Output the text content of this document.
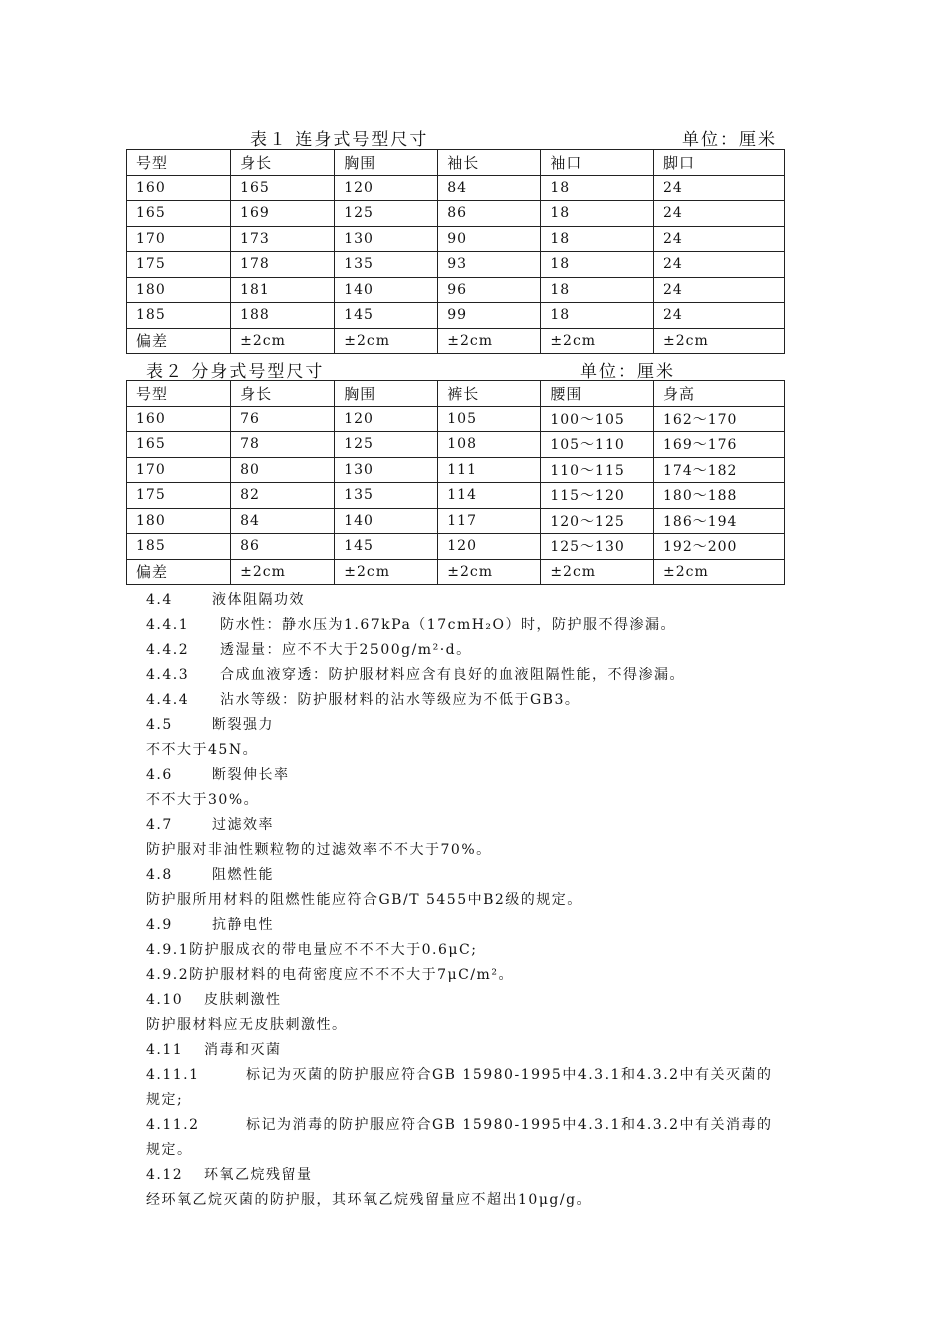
表１ 连身式号型尺寸	单位：厘米
号型	身长	胸围	袖长	袖口	脚口
160	165	120	84	18	24
165	169	125	86	18	24
170	173	130	90	18	24
175	178	135	93	18	24
180	181	140	96	18	24
185	188	145	99	18	24
偏差	±2cm	±2cm	±2cm	±2cm	±2cm
表２ 分身式号型尺寸	单位：厘米
号型	身长	胸围	裤长	腰围	身高
160	76	120	105	100～105	162～170
165	78	125	108	105～110	169～176
170	80	130	111	110～115	174～182
175	82	135	114	115～120	180～188
180	84	140	117	120～125	186～194
185	86	145	120	125～130	192～200
偏差	±2cm	±2cm	±2cm	±2cm	±2cm
4.4	液体阻隔功效
4.4.1 防水性：静水压为1.67kPa（17cmH₂O）时，防护服不得渗漏。
4.4.2 透湿量：应不不大于2500g/m²·d。
4.4.3 合成血液穿透：防护服材料应含有良好的血液阻隔性能，不得渗漏。
4.4.4 沾水等级：防护服材料的沾水等级应为不低于GB3。
4.5	断裂强力
不不大于45N。
4.6	断裂伸长率
不不大于30%。
4.7	过滤效率
防护服对非油性颗粒物的过滤效率不不大于70%。
4.8	阻燃性能
防护服所用材料的阻燃性能应符合GB/T 5455中B2级的规定。
4.9	抗静电性
4.9.1防护服成衣的带电量应不不不大于0.6μC;
4.9.2防护服材料的电荷密度应不不不大于7μC/m²。
4.10 皮肤刺激性
防护服材料应无皮肤刺激性。
4.11 消毒和灭菌
4.11.1	标记为灭菌的防护服应符合GB 15980-1995中4.3.1和4.3.2中有关灭菌的
规定;
4.11.2	标记为消毒的防护服应符合GB 15980-1995中4.3.1和4.3.2中有关消毒的
规定。
4.12 环氧乙烷残留量
经环氧乙烷灭菌的防护服，其环氧乙烷残留量应不超出10μg/g。
